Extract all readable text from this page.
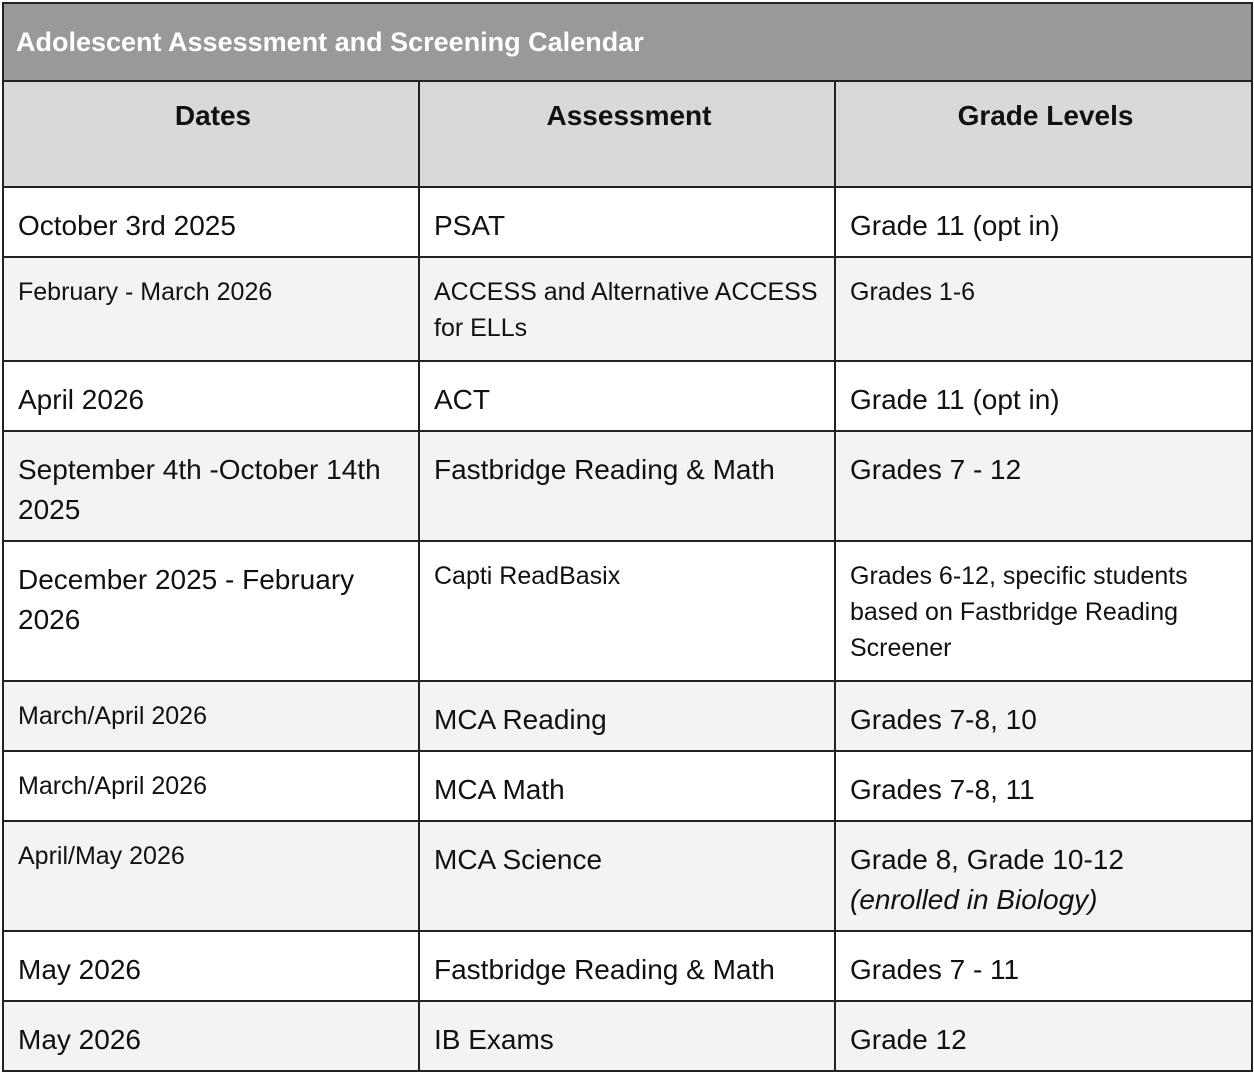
Adolescent Assessment and Screening Calendar		
Dates	Assessment	Grade Levels
October 3rd 2025	PSAT	Grade 11 (opt in)
February - March 2026	ACCESS and Alternative ACCESS for ELLs	Grades 1-6
April 2026	ACT	Grade 11 (opt in)
September 4th -October 14th 2025	Fastbridge Reading & Math	Grades 7 - 12
December 2025 - February 2026	Capti ReadBasix	Grades 6-12, specific students based on Fastbridge Reading Screener
March/April 2026	MCA Reading	Grades 7-8, 10
March/April 2026	MCA Math	Grades 7-8, 11
April/May 2026	MCA Science	Grade 8, Grade 10-12
(enrolled in Biology)

May 2026	Fastbridge Reading & Math	Grades 7 - 11
May 2026	IB Exams	Grade 12
